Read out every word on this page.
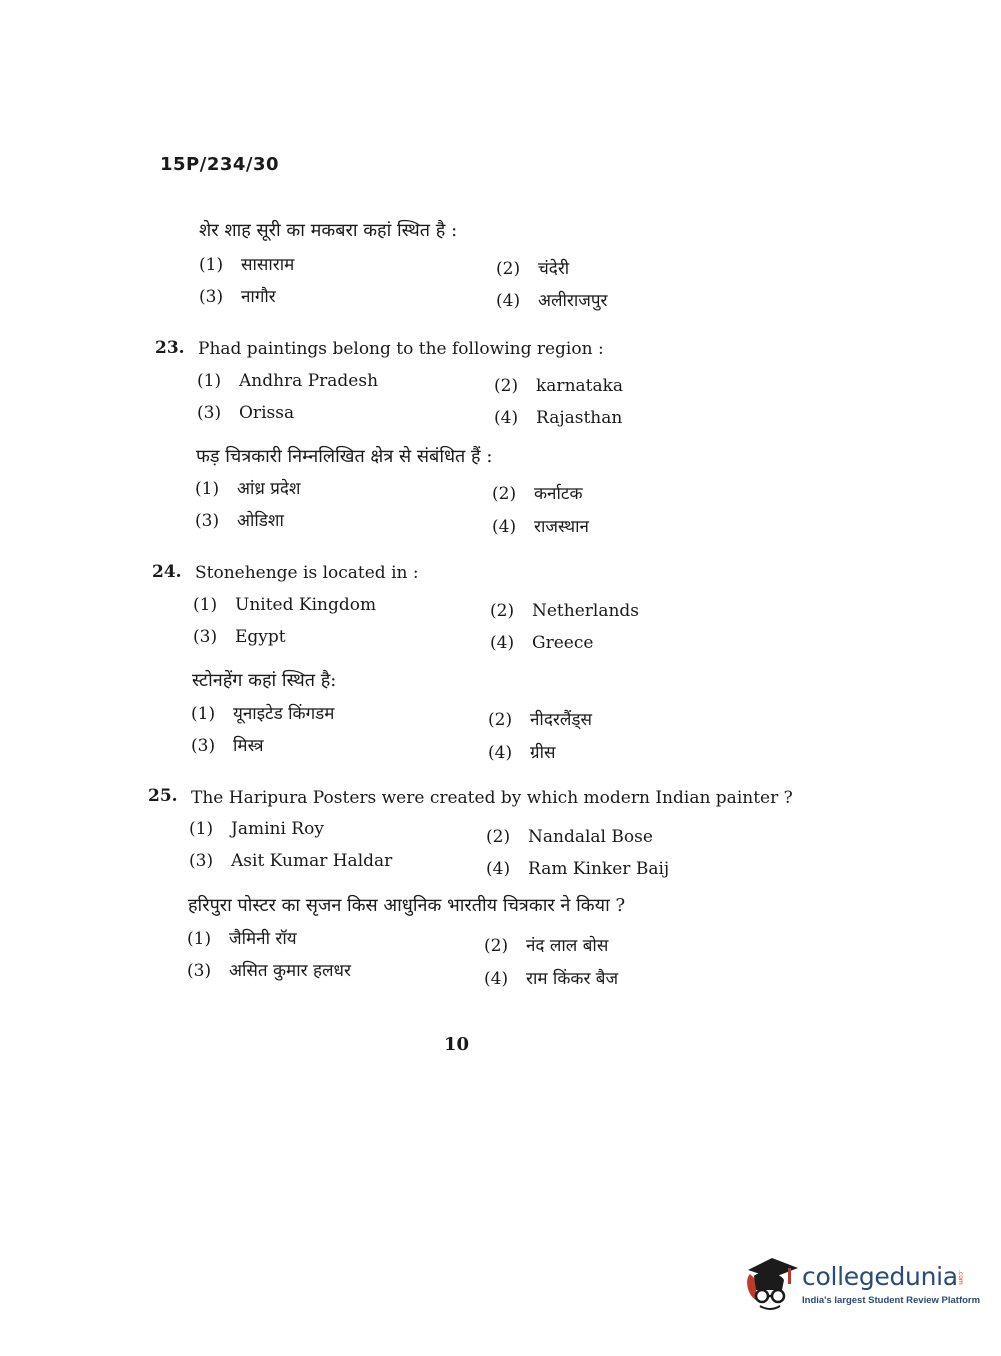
15P/234/30
शेर शाह सूरी का मकबरा कहां स्थित है :
(1) सासाराम	(2) चंदेरी
(3) नागौर	(4) अलीराजपुर
23. Phad paintings belong to the following region :
(1) Andhra Pradesh	(2) karnataka
(3) Orissa	(4) Rajasthan
फड़ चित्रकारी निम्नलिखित क्षेत्र से संबंधित हैं :
(1) आंध्र प्रदेश	(2) कर्नाटक
(3) ओडिशा	(4) राजस्थान
24. Stonehenge is located in :
(1) United Kingdom	(2) Netherlands
(3) Egypt	(4) Greece
स्टोनहेंग कहां स्थित है:
(1) यूनाइटेड किंगडम	(2) नीदरलैंड्स
(3) मिस्त्र	(4) ग्रीस
25. The Haripura Posters were created by which modern Indian painter ?
(1) Jamini Roy	(2) Nandalal Bose
(3) Asit Kumar Haldar	(4) Ram Kinker Baij
हरिपुरा पोस्टर का सृजन किस आधुनिक भारतीय चित्रकार ने किया ?
(1) जैमिनी रॉय	(2) नंद लाल बोस
(3) असित कुमार हलधर	(4) राम किंकर बैज
10
collegedunia .com
India's largest Student Review Platform
